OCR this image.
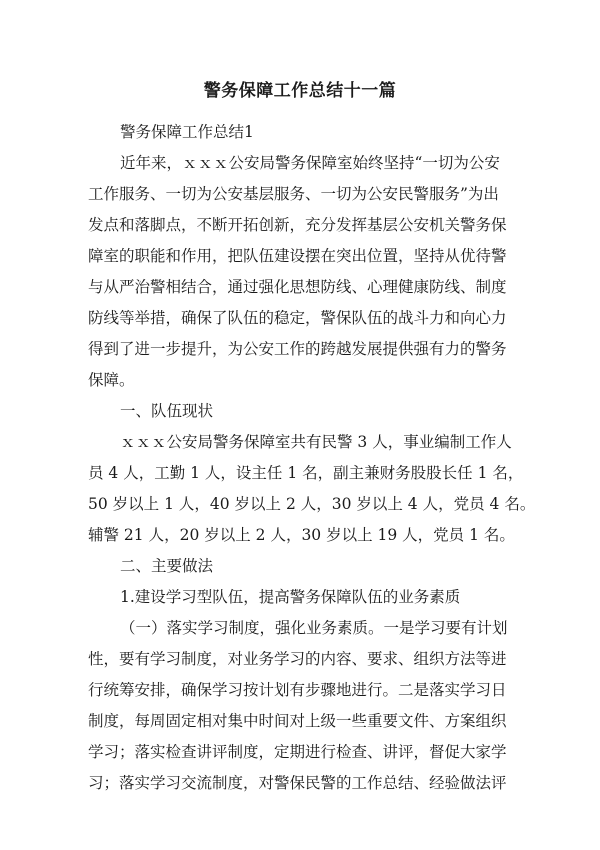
警务保障工作总结十一篇
警务保障工作总结1
近年来，ｘｘｘ公安局警务保障室始终坚持“一切为公安
工作服务、一切为公安基层服务、一切为公安民警服务”为出
发点和落脚点，不断开拓创新，充分发挥基层公安机关警务保
障室的职能和作用，把队伍建设摆在突出位置，坚持从优待警
与从严治警相结合，通过强化思想防线、心理健康防线、制度
防线等举措，确保了队伍的稳定，警保队伍的战斗力和向心力
得到了进一步提升，为公安工作的跨越发展提供强有力的警务
保障。
一、队伍现状
ｘｘｘ公安局警务保障室共有民警 3 人，事业编制工作人
员 4 人，工勤 1 人，设主任 1 名，副主兼财务股股长任 1 名，
50 岁以上 1 人，40 岁以上 2 人，30 岁以上 4 人，党员 4 名。
辅警 21 人，20 岁以上 2 人，30 岁以上 19 人，党员 1 名。
二、主要做法
1.建设学习型队伍，提高警务保障队伍的业务素质
（一）落实学习制度，强化业务素质。一是学习要有计划
性，要有学习制度，对业务学习的内容、要求、组织方法等进
行统筹安排，确保学习按计划有步骤地进行。二是落实学习日
制度，每周固定相对集中时间对上级一些重要文件、方案组织
学习；落实检查讲评制度，定期进行检查、讲评，督促大家学
习；落实学习交流制度，对警保民警的工作总结、经验做法评
